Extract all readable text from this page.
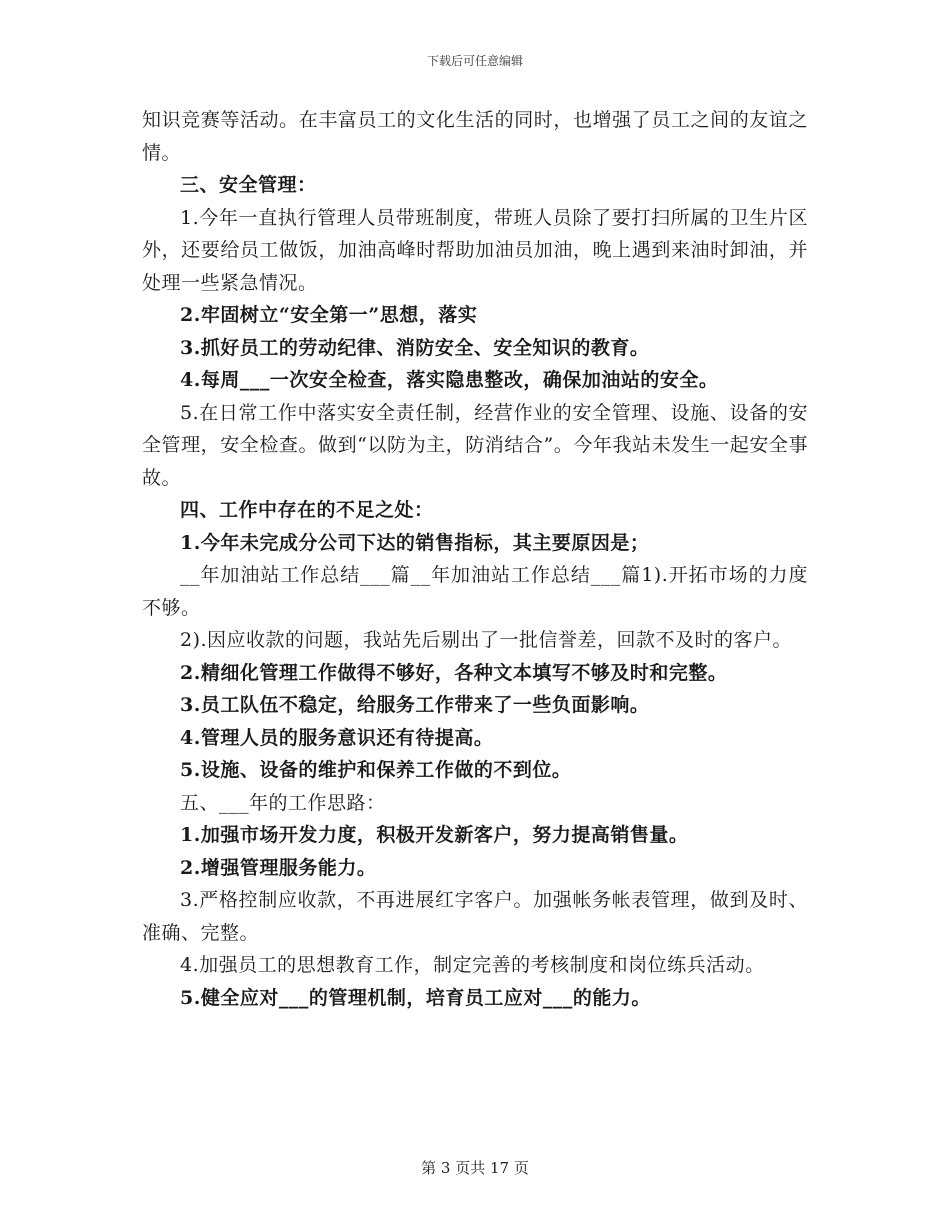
下载后可任意编辑

知识竞赛等活动。在丰富员工的文化生活的同时，也增强了员工之间的友谊之情。

三、安全管理：

1.今年一直执行管理人员带班制度，带班人员除了要打扫所属的卫生片区外，还要给员工做饭，加油高峰时帮助加油员加油，晚上遇到来油时卸油，并处理一些紧急情况。

2.牢固树立“安全第一”思想，落实

3.抓好员工的劳动纪律、消防安全、安全知识的教育。

4.每周___一次安全检查，落实隐患整改，确保加油站的安全。

5.在日常工作中落实安全责任制，经营作业的安全管理、设施、设备的安全管理，安全检查。做到“以防为主，防消结合”。今年我站未发生一起安全事故。

四、工作中存在的不足之处：

1.今年未完成分公司下达的销售指标，其主要原因是；

__年加油站工作总结___篇__年加油站工作总结___篇1).开拓市场的力度不够。

2).因应收款的问题，我站先后剔出了一批信誉差，回款不及时的客户。

2.精细化管理工作做得不够好，各种文本填写不够及时和完整。

3.员工队伍不稳定，给服务工作带来了一些负面影响。

4.管理人员的服务意识还有待提高。

5.设施、设备的维护和保养工作做的不到位。

五、___年的工作思路：

1.加强市场开发力度，积极开发新客户，努力提高销售量。

2.增强管理服务能力。

3.严格控制应收款，不再进展红字客户。加强帐务帐表管理，做到及时、准确、完整。

4.加强员工的思想教育工作，制定完善的考核制度和岗位练兵活动。

5.健全应对___的管理机制，培育员工应对___的能力。

第 3 页共 17 页
